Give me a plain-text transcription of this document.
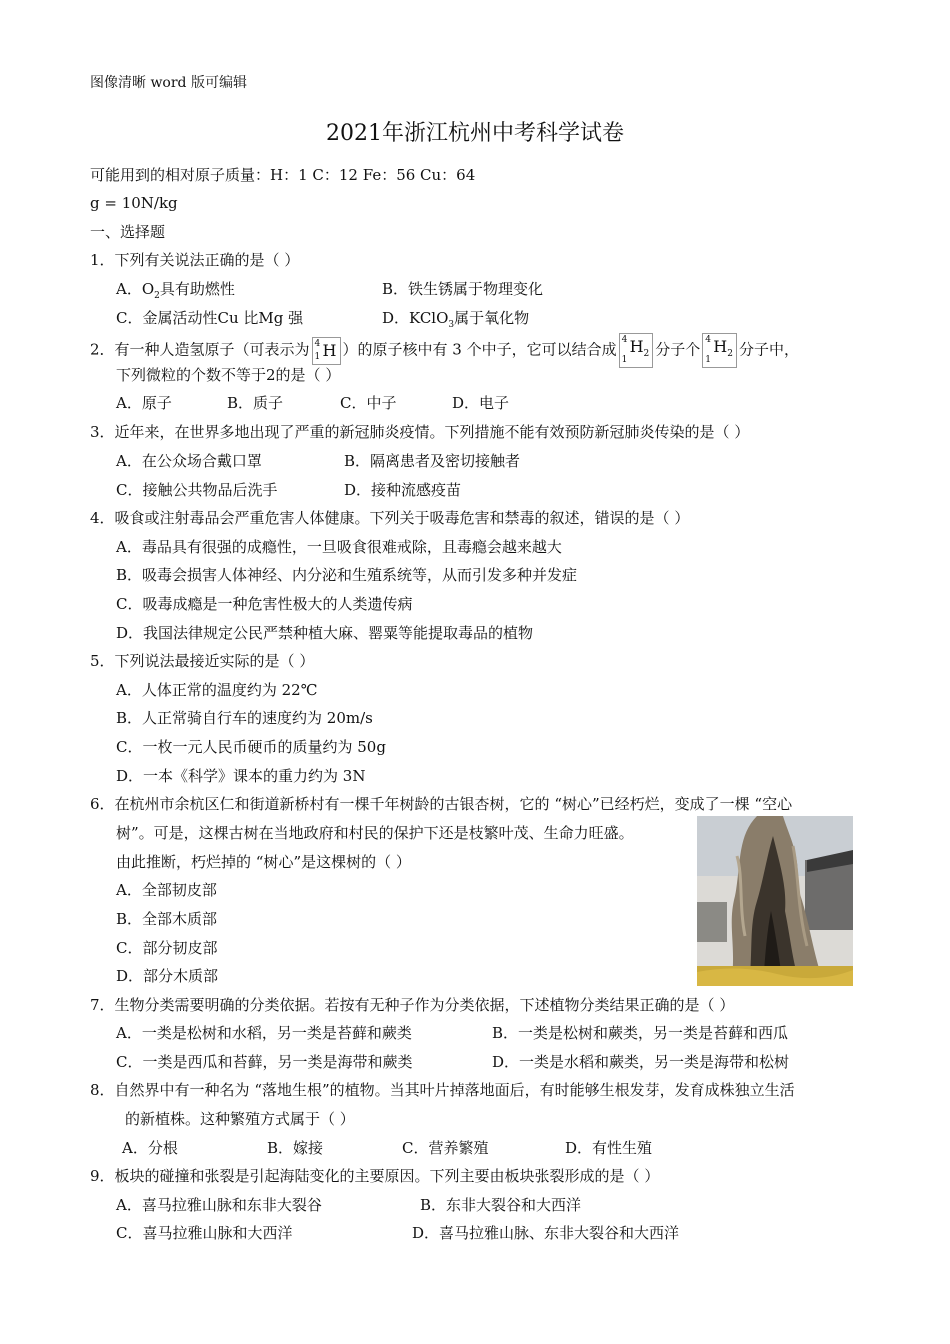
图像清晰 word 版可编辑
2021年浙江杭州中考科学试卷
可能用到的相对原子质量：H：1 C：12 Fe：56 Cu：64
g = 10N/kg
一、选择题
1．下列有关说法正确的是（ ）
A．$O_2$具有助燃性	B．铁生锈属于物理变化
C．金属活动性Cu 比Mg 强	D．KClO$_3$属于氧化物
2．有一种人造氢原子（可表示为 4
1 H ）的原子核中有 3 个中子，它可以结合成
4
1
$H_2$ 分子个
4
1
$H_2$ 分子中，
下列微粒的个数不等于2的是（ ）
A．原子	B．质子	C．中子	D．电子
3．近年来，在世界多地出现了严重的新冠肺炎疫情。下列措施不能有效预防新冠肺炎传染的是（ ）
A．在公众场合戴口罩	B．隔离患者及密切接触者
C．接触公共物品后洗手	D．接种流感疫苗
4．吸食或注射毒品会严重危害人体健康。下列关于吸毒危害和禁毒的叙述，错误的是（ ）
A．毒品具有很强的成瘾性，一旦吸食很难戒除，且毒瘾会越来越大
B．吸毒会损害人体神经、内分泌和生殖系统等，从而引发多种并发症
C．吸毒成瘾是一种危害性极大的人类遗传病
D．我国法律规定公民严禁种植大麻、罂粟等能提取毒品的植物
5．下列说法最接近实际的是（ ）
A．人体正常的温度约为 22℃
B．人正常骑自行车的速度约为 20m/s
C．一枚一元人民币硬币的质量约为 50g
D．一本《科学》课本的重力约为 3N
6．在杭州市余杭区仁和街道新桥村有一棵千年树龄的古银杏树，它的 “树心”已经朽烂，变成了一棵 “空心
树”。可是，这棵古树在当地政府和村民的保护下还是枝繁叶茂、生命力旺盛。
由此推断，朽烂掉的 “树心”是这棵树的（ ）
A．全部韧皮部
B．全部木质部
C．部分韧皮部
D．部分木质部
7．生物分类需要明确的分类依据。若按有无种子作为分类依据，下述植物分类结果正确的是（ ）
A．一类是松树和水稻，另一类是苔藓和蕨类	B．一类是松树和蕨类，另一类是苔藓和西瓜
C．一类是西瓜和苔藓，另一类是海带和蕨类	D．一类是水稻和蕨类，另一类是海带和松树
8．自然界中有一种名为 “落地生根”的植物。当其叶片掉落地面后，有时能够生根发芽，发育成株独立生活
的新植株。这种繁殖方式属于（ ）
A．分根	B．嫁接	C．营养繁殖	D．有性生殖
9．板块的碰撞和张裂是引起海陆变化的主要原因。下列主要由板块张裂形成的是（ ）
A．喜马拉雅山脉和东非大裂谷	B．东非大裂谷和大西洋
C．喜马拉雅山脉和大西洋	D．喜马拉雅山脉、东非大裂谷和大西洋
